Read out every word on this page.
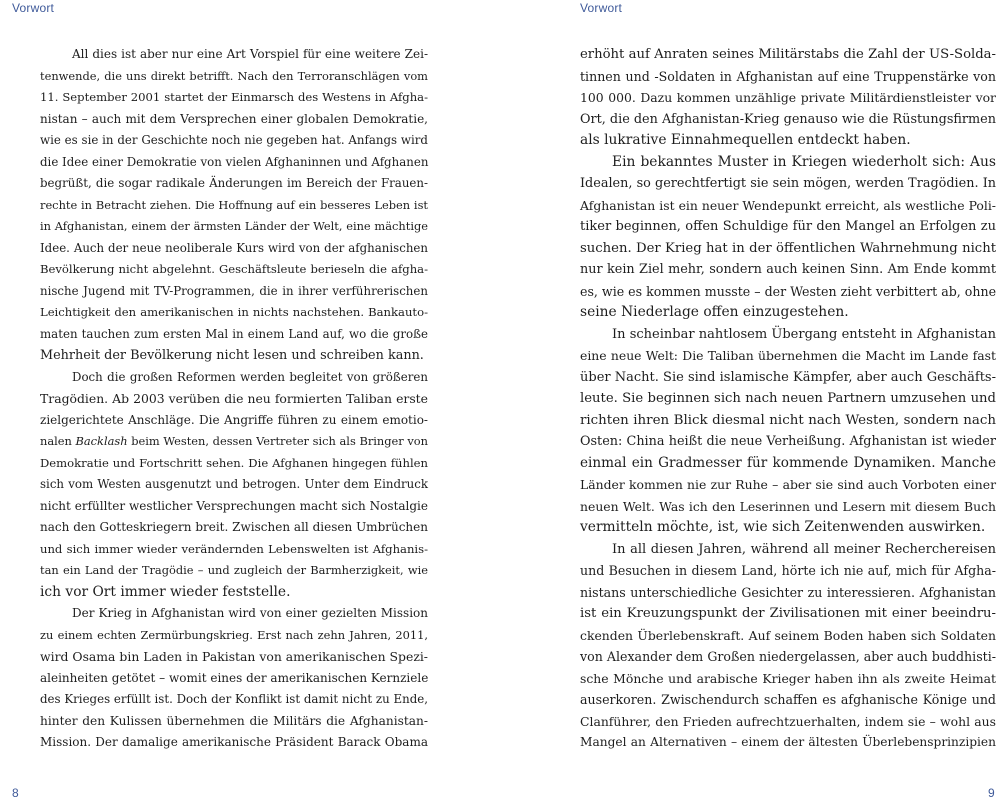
Vorwort
All dies ist aber nur eine Art Vorspiel für eine weitere Zei-
tenwende, die uns direkt betrifft. Nach den Terroranschlägen vom
11. September 2001 startet der Einmarsch des Westens in Afgha-
nistan – auch mit dem Versprechen einer globalen Demokratie,
wie es sie in der Geschichte noch nie gegeben hat. Anfangs wird
die Idee einer Demokratie von vielen Afghaninnen und Afghanen
begrüßt, die sogar radikale Änderungen im Bereich der Frauen-
rechte in Betracht ziehen. Die Hoffnung auf ein besseres Leben ist
in Afghanistan, einem der ärmsten Länder der Welt, eine mächtige
Idee. Auch der neue neoliberale Kurs wird von der afghanischen
Bevölkerung nicht abgelehnt. Geschäftsleute berieseln die afgha-
nische Jugend mit TV-Programmen, die in ihrer verführerischen
Leichtigkeit den amerikanischen in nichts nachstehen. Bankauto-
maten tauchen zum ersten Mal in einem Land auf, wo die große
Mehrheit der Bevölkerung nicht lesen und schreiben kann.
Doch die großen Reformen werden begleitet von größeren
Tragödien. Ab 2003 verüben die neu formierten Taliban erste
zielgerichtete Anschläge. Die Angriffe führen zu einem emotio-
nalen Backlash beim Westen, dessen Vertreter sich als Bringer von
Demokratie und Fortschritt sehen. Die Afghanen hingegen fühlen
sich vom Westen ausgenutzt und betrogen. Unter dem Eindruck
nicht erfüllter westlicher Versprechungen macht sich Nostalgie
nach den Gotteskriegern breit. Zwischen all diesen Umbrüchen
und sich immer wieder verändernden Lebenswelten ist Afghanis-
tan ein Land der Tragödie – und zugleich der Barmherzigkeit, wie
ich vor Ort immer wieder feststelle.
Der Krieg in Afghanistan wird von einer gezielten Mission
zu einem echten Zermürbungskrieg. Erst nach zehn Jahren, 2011,
wird Osama bin Laden in Pakistan von amerikanischen Spezi-
aleinheiten getötet – womit eines der amerikanischen Kernziele
des Krieges erfüllt ist. Doch der Konflikt ist damit nicht zu Ende,
hinter den Kulissen übernehmen die Militärs die Afghanistan-
Mission. Der damalige amerikanische Präsident Barack Obama
8
Vorwort
erhöht auf Anraten seines Militärstabs die Zahl der US-Solda-
tinnen und -Soldaten in Afghanistan auf eine Truppenstärke von
100 000. Dazu kommen unzählige private Militärdienstleister vor
Ort, die den Afghanistan-Krieg genauso wie die Rüstungsfirmen
als lukrative Einnahmequellen entdeckt haben.
Ein bekanntes Muster in Kriegen wiederholt sich: Aus
Idealen, so gerechtfertigt sie sein mögen, werden Tragödien. In
Afghanistan ist ein neuer Wendepunkt erreicht, als westliche Poli-
tiker beginnen, offen Schuldige für den Mangel an Erfolgen zu
suchen. Der Krieg hat in der öffentlichen Wahrnehmung nicht
nur kein Ziel mehr, sondern auch keinen Sinn. Am Ende kommt
es, wie es kommen musste – der Westen zieht verbittert ab, ohne
seine Niederlage offen einzugestehen.
In scheinbar nahtlosem Übergang entsteht in Afghanistan
eine neue Welt: Die Taliban übernehmen die Macht im Lande fast
über Nacht. Sie sind islamische Kämpfer, aber auch Geschäfts-
leute. Sie beginnen sich nach neuen Partnern umzusehen und
richten ihren Blick diesmal nicht nach Westen, sondern nach
Osten: China heißt die neue Verheißung. Afghanistan ist wieder
einmal ein Gradmesser für kommende Dynamiken. Manche
Länder kommen nie zur Ruhe – aber sie sind auch Vorboten einer
neuen Welt. Was ich den Leserinnen und Lesern mit diesem Buch
vermitteln möchte, ist, wie sich Zeitenwenden auswirken.
In all diesen Jahren, während all meiner Recherchereisen
und Besuchen in diesem Land, hörte ich nie auf, mich für Afgha-
nistans unterschiedliche Gesichter zu interessieren. Afghanistan
ist ein Kreuzungspunkt der Zivilisationen mit einer beeindru-
ckenden Überlebenskraft. Auf seinem Boden haben sich Soldaten
von Alexander dem Großen niedergelassen, aber auch buddhisti-
sche Mönche und arabische Krieger haben ihn als zweite Heimat
auserkoren. Zwischendurch schaffen es afghanische Könige und
Clanführer, den Frieden aufrechtzuerhalten, indem sie – wohl aus
Mangel an Alternativen – einem der ältesten Überlebensprinzipien
9
